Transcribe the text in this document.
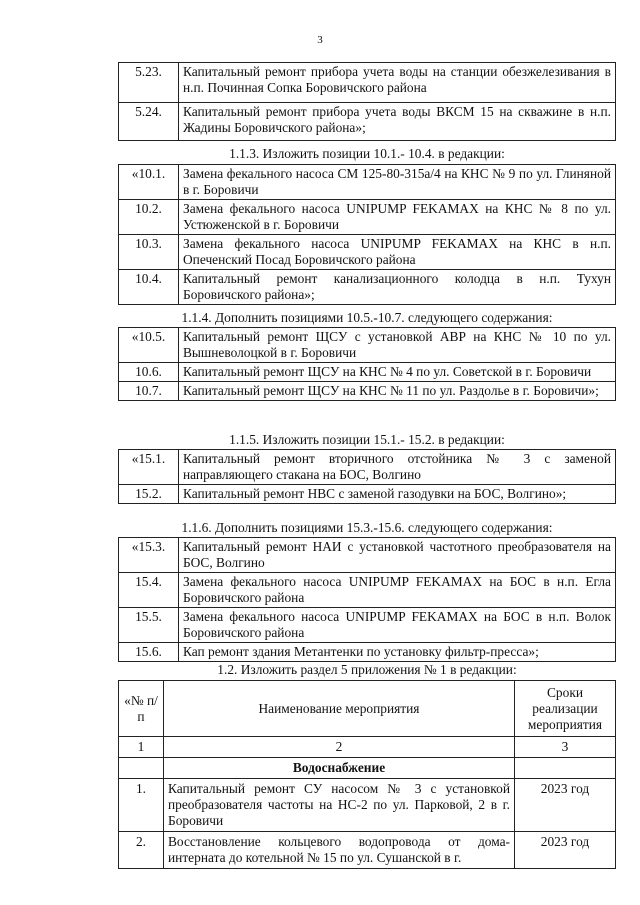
3
5.23.	Капитальный ремонт прибора учета воды на станции обезжелезивания в н.п. Починная Сопка Боровичского района
5.24.	Капитальный ремонт прибора учета воды ВКСМ 15 на скважине в н.п. Жадины Боровичского района»;
1.1.3. Изложить позиции 10.1.- 10.4. в редакции:
«10.1.	Замена фекального насоса СМ 125-80-315а/4 на КНС № 9 по ул. Глиняной в г. Боровичи
10.2.	Замена фекального насоса UNIPUMP FEKAMAX на КНС № 8 по ул. Устюженской в г. Боровичи
10.3.	Замена фекального насоса UNIPUMP FEKAMAX на КНС в н.п. Опеченский Посад Боровичского района
10.4.	Капитальный ремонт канализационного колодца в н.п. Тухун Боровичского района»;
1.1.4. Дополнить позициями 10.5.-10.7. следующего содержания:
«10.5.	Капитальный ремонт ЩСУ с установкой АВР на КНС № 10 по ул. Вышневолоцкой в г. Боровичи
10.6.	Капитальный ремонт ЩСУ на КНС № 4 по ул. Советской в г. Боровичи
10.7.	Капитальный ремонт ЩСУ на КНС № 11 по ул. Раздолье в г. Боровичи»;
1.1.5. Изложить позиции 15.1.- 15.2. в редакции:
«15.1.	Капитальный ремонт вторичного отстойника № 3 с заменой направляющего стакана на БОС, Волгино
15.2.	Капитальный ремонт НВС с заменой газодувки на БОС, Волгино»;
1.1.6. Дополнить позициями 15.3.-15.6. следующего содержания:
«15.3.	Капитальный ремонт НАИ с установкой частотного преобразователя на БОС, Волгино
15.4.	Замена фекального насоса UNIPUMP FEKAMAX на БОС в н.п. Егла Боровичского района
15.5.	Замена фекального насоса UNIPUMP FEKAMAX на БОС в н.п. Волок Боровичского района
15.6.	Кап ремонт здания Метантенки по установку фильтр-пресса»;
1.2. Изложить раздел 5 приложения № 1 в редакции:
«№ п/п	Наименование мероприятия	Сроки реализации мероприятия
1	2	3
	Водоснабжение	
1.	Капитальный ремонт СУ насосом № 3 с установкой преобразователя частоты на НС-2 по ул. Парковой, 2 в г. Боровичи	2023 год
2.	Восстановление кольцевого водопровода от дома-интерната до котельной № 15 по ул. Сушанской в г.	2023 год
